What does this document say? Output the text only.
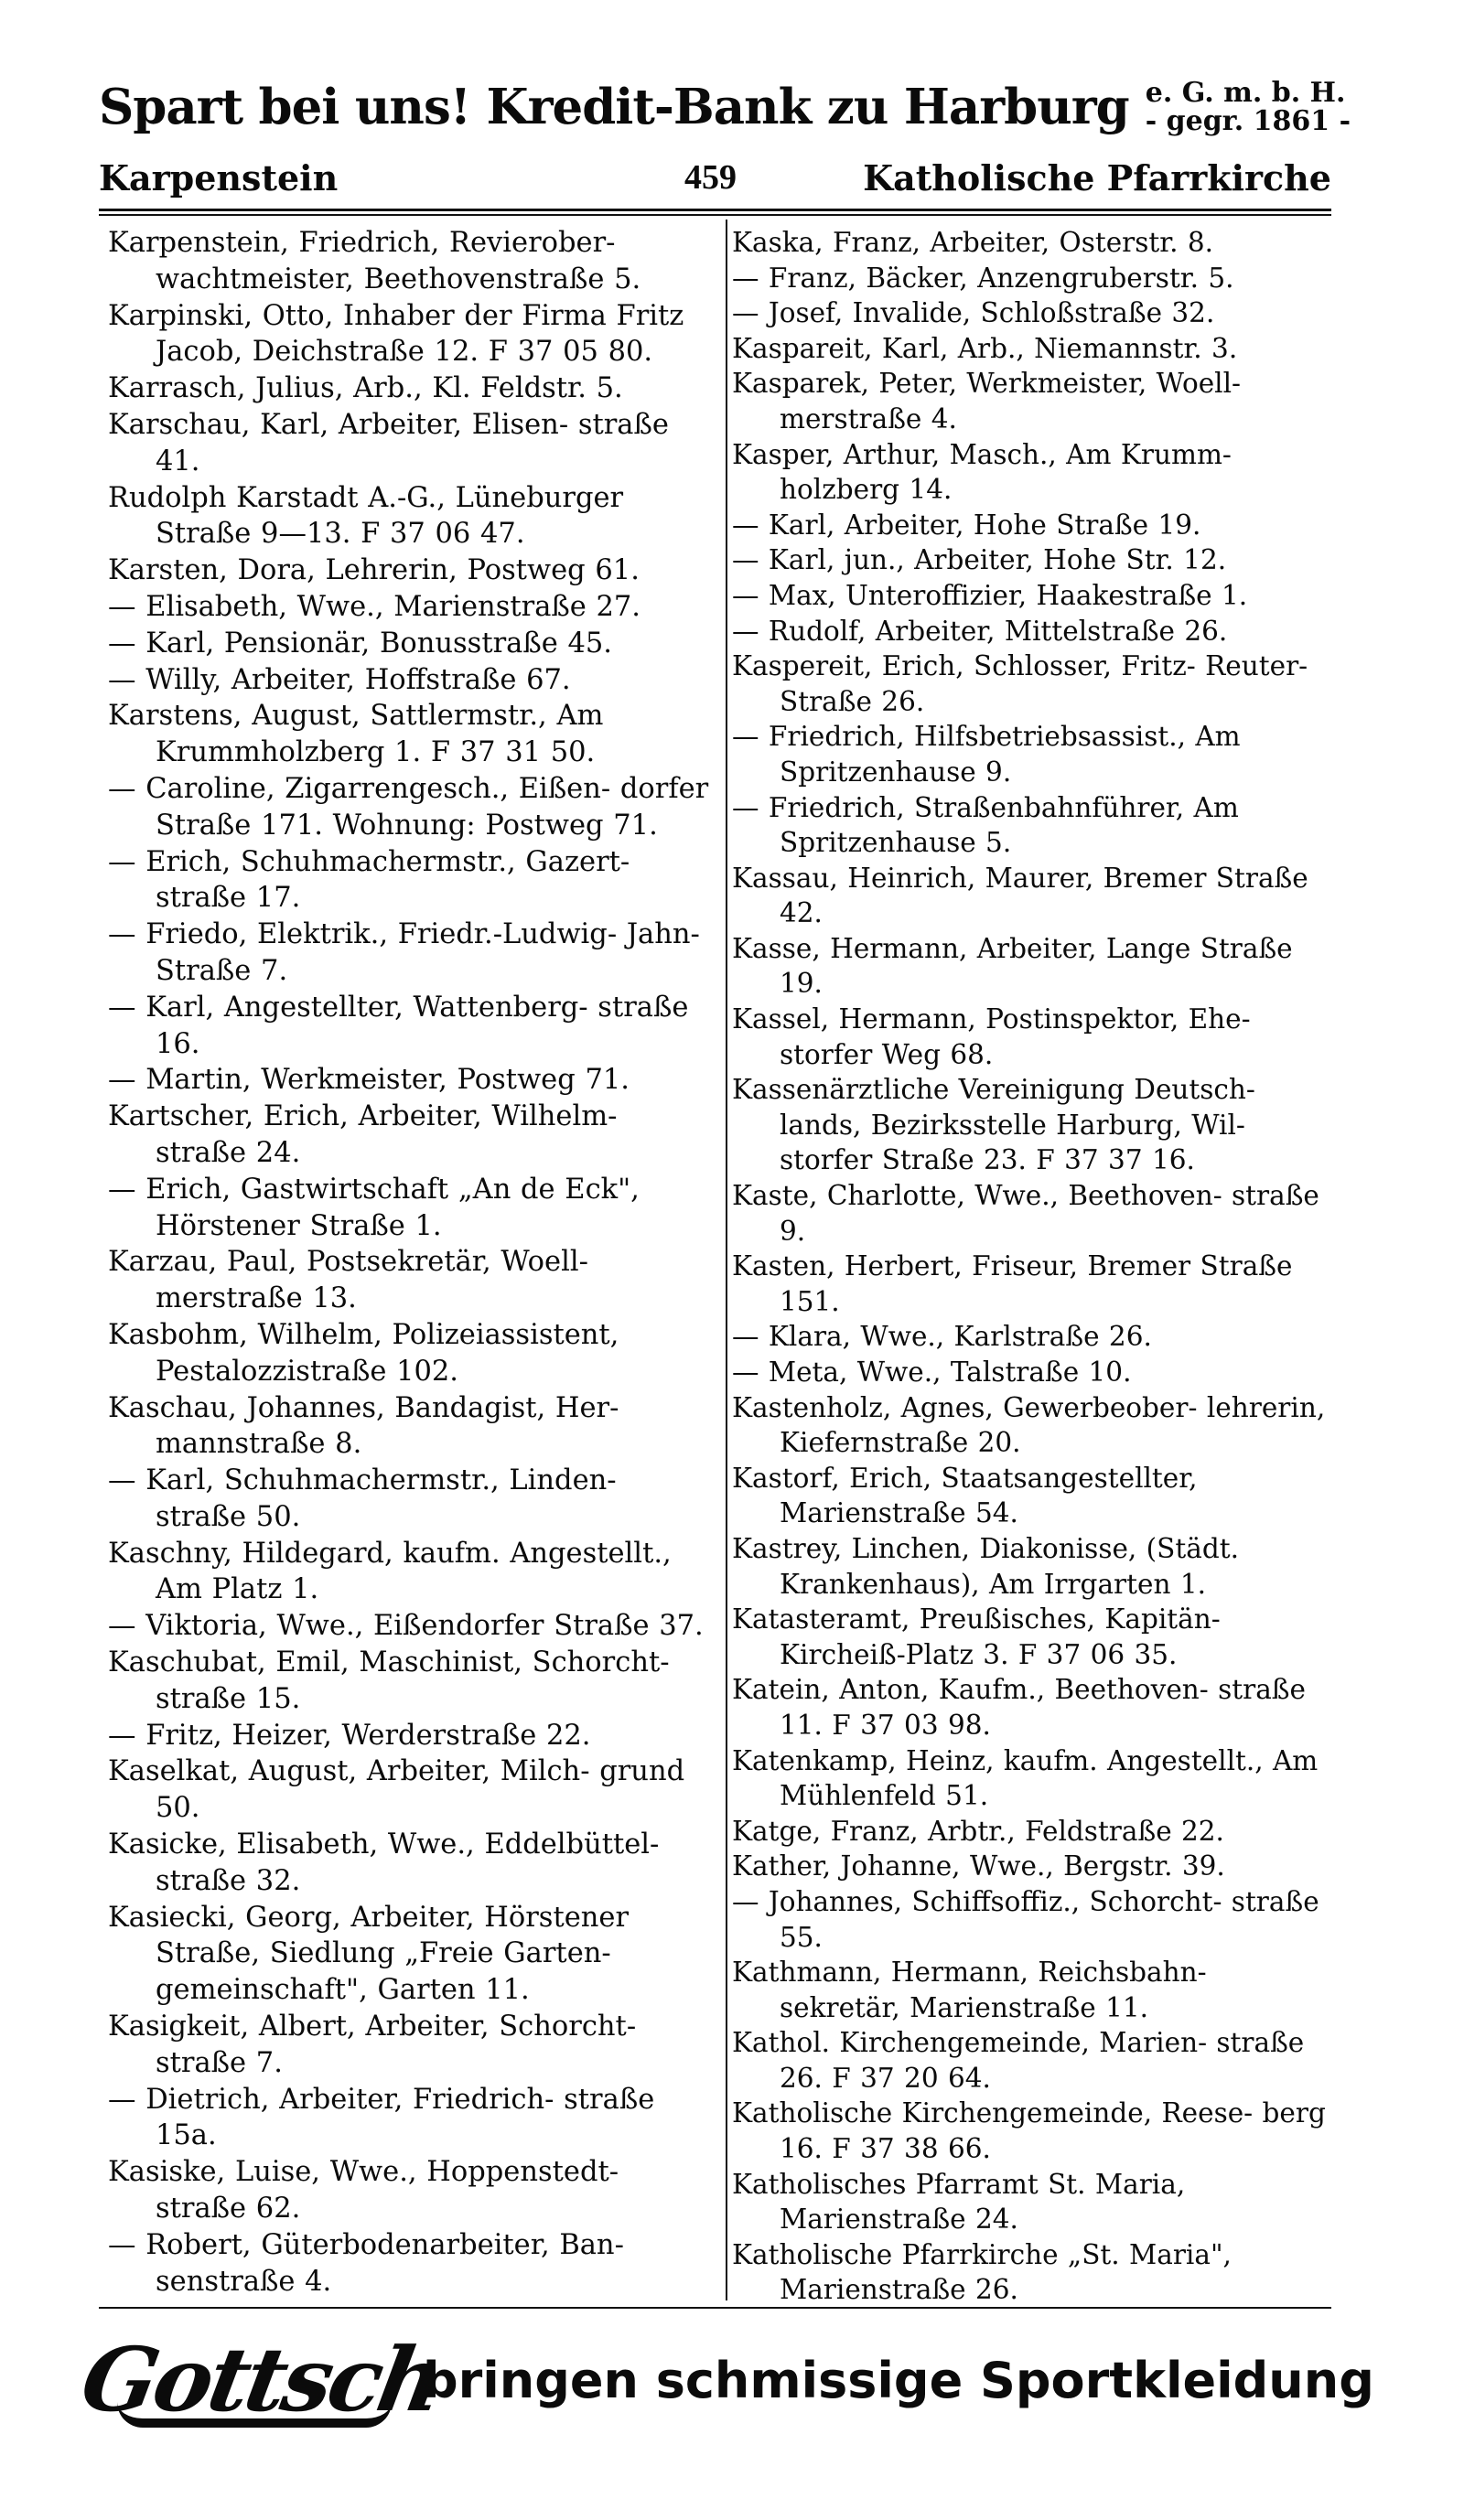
Spart bei uns! Kredit-Bank zu Harburg e. G. m. b. H.
- gegr. 1861 -
Karpenstein	459	Katholische Pfarrkirche

Karpenstein, Friedrich, Revierober- wachtmeister, Beethovenstraße 5.

Karpinski, Otto, Inhaber der Firma Fritz Jacob, Deichstraße 12. F 37 05 80.

Karrasch, Julius, Arb., Kl. Feldstr. 5.

Karschau, Karl, Arbeiter, Elisen- straße 41.

Rudolph Karstadt A.-G., Lüneburger Straße 9—13. F 37 06 47.

Karsten, Dora, Lehrerin, Postweg 61.

— Elisabeth, Wwe., Marienstraße 27.

— Karl, Pensionär, Bonusstraße 45.

— Willy, Arbeiter, Hoffstraße 67.

Karstens, August, Sattlermstr., Am Krummholzberg 1. F 37 31 50.

— Caroline, Zigarrengesch., Eißen- dorfer Straße 171. Wohnung: Postweg 71.

— Erich, Schuhmachermstr., Gazert- straße 17.

— Friedo, Elektrik., Friedr.-Ludwig- Jahn-Straße 7.

— Karl, Angestellter, Wattenberg- straße 16.

— Martin, Werkmeister, Postweg 71.

Kartscher, Erich, Arbeiter, Wilhelm- straße 24.

— Erich, Gastwirtschaft „An de Eck", Hörstener Straße 1.

Karzau, Paul, Postsekretär, Woell- merstraße 13.

Kasbohm, Wilhelm, Polizeiassistent, Pestalozzistraße 102.

Kaschau, Johannes, Bandagist, Her- mannstraße 8.

— Karl, Schuhmachermstr., Linden- straße 50.

Kaschny, Hildegard, kaufm. Angestellt., Am Platz 1.

— Viktoria, Wwe., Eißendorfer Straße 37.

Kaschubat, Emil, Maschinist, Schorcht- straße 15.

— Fritz, Heizer, Werderstraße 22.

Kaselkat, August, Arbeiter, Milch- grund 50.

Kasicke, Elisabeth, Wwe., Eddelbüttel- straße 32.

Kasiecki, Georg, Arbeiter, Hörstener Straße, Siedlung „Freie Garten- gemeinschaft", Garten 11.

Kasigkeit, Albert, Arbeiter, Schorcht- straße 7.

— Dietrich, Arbeiter, Friedrich- straße 15a.

Kasiske, Luise, Wwe., Hoppenstedt- straße 62.

— Robert, Güterbodenarbeiter, Ban- senstraße 4.

Kaska, Franz, Arbeiter, Osterstr. 8.

— Franz, Bäcker, Anzengruberstr. 5.

— Josef, Invalide, Schloßstraße 32.

Kaspareit, Karl, Arb., Niemannstr. 3.

Kasparek, Peter, Werkmeister, Woell- merstraße 4.

Kasper, Arthur, Masch., Am Krumm- holzberg 14.

— Karl, Arbeiter, Hohe Straße 19.

— Karl, jun., Arbeiter, Hohe Str. 12.

— Max, Unteroffizier, Haakestraße 1.

— Rudolf, Arbeiter, Mittelstraße 26.

Kaspereit, Erich, Schlosser, Fritz- Reuter-Straße 26.

— Friedrich, Hilfsbetriebsassist., Am Spritzenhause 9.

— Friedrich, Straßenbahnführer, Am Spritzenhause 5.

Kassau, Heinrich, Maurer, Bremer Straße 42.

Kasse, Hermann, Arbeiter, Lange Straße 19.

Kassel, Hermann, Postinspektor, Ehe- storfer Weg 68.

Kassenärztliche Vereinigung Deutsch- lands, Bezirksstelle Harburg, Wil- storfer Straße 23. F 37 37 16.

Kaste, Charlotte, Wwe., Beethoven- straße 9.

Kasten, Herbert, Friseur, Bremer Straße 151.

— Klara, Wwe., Karlstraße 26.

— Meta, Wwe., Talstraße 10.

Kastenholz, Agnes, Gewerbeober- lehrerin, Kiefernstraße 20.

Kastorf, Erich, Staatsangestellter, Marienstraße 54.

Kastrey, Linchen, Diakonisse, (Städt. Krankenhaus), Am Irrgarten 1.

Katasteramt, Preußisches, Kapitän- Kircheiß-Platz 3. F 37 06 35.

Katein, Anton, Kaufm., Beethoven- straße 11. F 37 03 98.

Katenkamp, Heinz, kaufm. Angestellt., Am Mühlenfeld 51.

Katge, Franz, Arbtr., Feldstraße 22.

Kather, Johanne, Wwe., Bergstr. 39.

— Johannes, Schiffsoffiz., Schorcht- straße 55.

Kathmann, Hermann, Reichsbahn- sekretär, Marienstraße 11.

Kathol. Kirchengemeinde, Marien- straße 26. F 37 20 64.

Katholische Kirchengemeinde, Reese- berg 16. F 37 38 66.

Katholisches Pfarramt St. Maria, Marienstraße 24.

Katholische Pfarrkirche „St. Maria", Marienstraße 26.

Gottsch
bringen schmissige Sportkleidung
